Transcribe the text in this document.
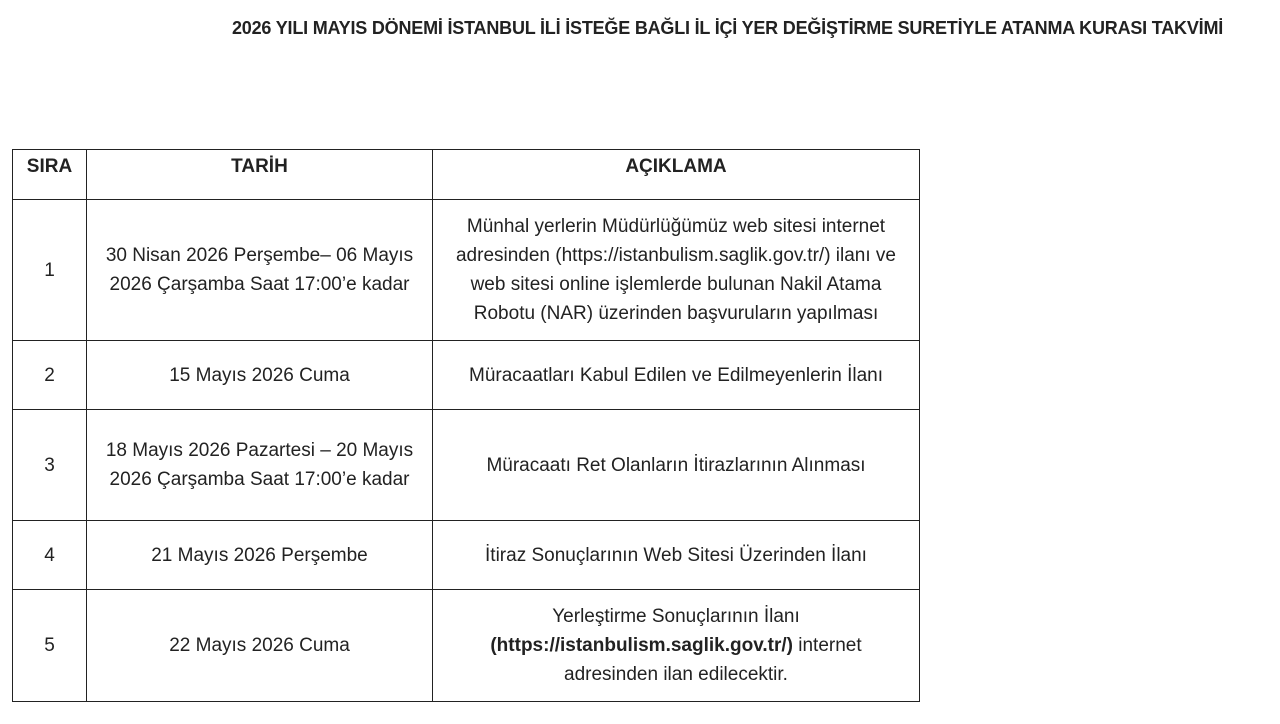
2026 YILI MAYIS DÖNEMİ İSTANBUL İLİ İSTEĞE BAĞLI İL İÇİ YER DEĞİŞTİRME SURETİYLE ATANMA KURASI TAKVİMİ
SIRA	TARİH	AÇIKLAMA
1	30 Nisan 2026 Perşembe– 06 Mayıs 2026 Çarşamba Saat 17:00’e kadar	Münhal yerlerin Müdürlüğümüz web sitesi internet adresinden (https://istanbulism.saglik.gov.tr/) ilanı ve web sitesi online işlemlerde bulunan Nakil Atama Robotu (NAR) üzerinden başvuruların yapılması
2	15 Mayıs 2026 Cuma	Müracaatları Kabul Edilen ve Edilmeyenlerin İlanı
3	18 Mayıs 2026 Pazartesi – 20 Mayıs 2026 Çarşamba Saat 17:00’e kadar	Müracaatı Ret Olanların İtirazlarının Alınması
4	21 Mayıs 2026 Perşembe	İtiraz Sonuçlarının Web Sitesi Üzerinden İlanı
5	22 Mayıs 2026 Cuma	Yerleştirme Sonuçlarının İlanı
(https://istanbulism.saglik.gov.tr/) internet adresinden ilan edilecektir.
